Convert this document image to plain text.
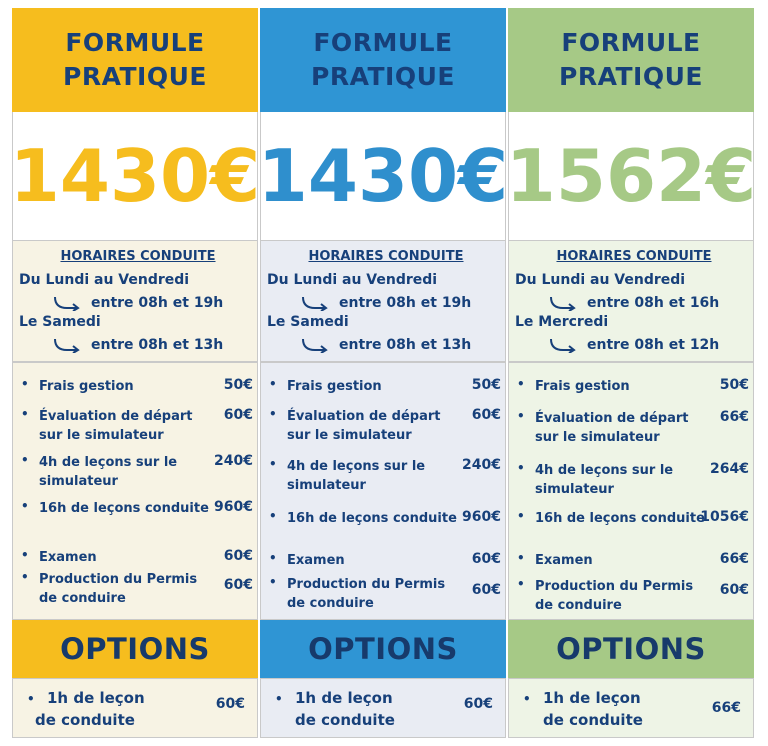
FORMULE
PRATIQUE
1430€
HORAIRES CONDUITE
Du Lundi au Vendredi
entre 08h et 19h
Le Samedi
entre 08h et 13h
• Frais gestion	50€
• Évaluation de départ sur le simulateur
60€
• 4h de leçons sur le simulateur
240€
• 16h de leçons conduite 960€
• Examen	60€
• Production du Permis de conduire
60€
OPTIONS
• 1h de leçon
de conduite
60€
FORMULE
PRATIQUE
1430€
HORAIRES CONDUITE
Du Lundi au Vendredi
entre 08h et 19h
Le Samedi
entre 08h et 13h
• Frais gestion	50€
• Évaluation de départ sur le simulateur
60€
• 4h de leçons sur le simulateur
240€
• 16h de leçons conduite 960€
• Examen	60€
• Production du Permis de conduire
60€
OPTIONS
• 1h de leçon
de conduite
60€
FORMULE
PRATIQUE
1562€
HORAIRES CONDUITE
Du Lundi au Vendredi
entre 08h et 16h
Le Mercredi
entre 08h et 12h
• Frais gestion	50€
• Évaluation de départ sur le simulateur
66€
• 4h de leçons sur le simulateur
264€
• 16h de leçons conduite
1056€
• Examen	66€
• Production du Permis de conduire
60€
OPTIONS
• 1h de leçon
de conduite
66€
